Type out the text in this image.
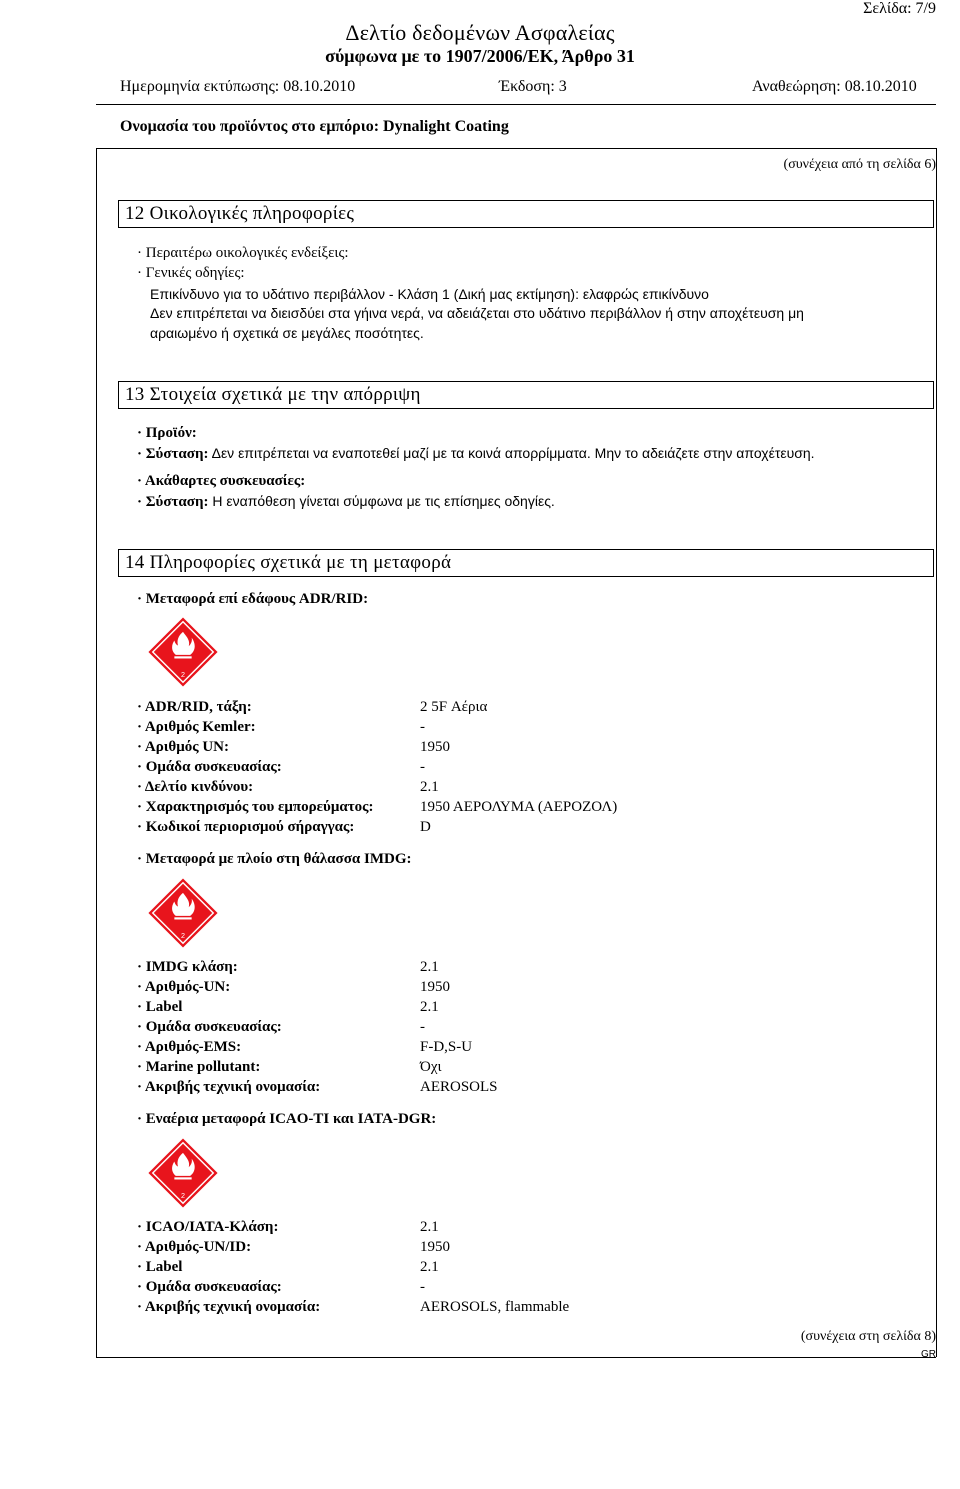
Σελίδα: 7/9
Δελτίο δεδομένων Ασφαλείας
σύμφωνα με το 1907/2006/ΕΚ, Άρθρο 31
Ημερομηνία εκτύπωσης: 08.10.2010	Έκδοση: 3	Αναθεώρηση: 08.10.2010
Ονομασία του προϊόντος στο εμπόριο: Dynalight Coating
(συνέχεια από τη σελίδα 6)
12 Οικολογικές πληροφορίες
· Περαιτέρω οικολογικές ενδείξεις:
· Γενικές οδηγίες:
Επικίνδυνο για το υδάτινο περιβάλλον - Κλάση 1 (Δική μας εκτίμηση): ελαφρώς επικίνδυνο
Δεν επιτρέπεται να διεισδύει στα γήινα νερά, να αδειάζεται στο υδάτινο περιβάλλον ή στην αποχέτευση μη
αραιωμένο ή σχετικά σε μεγάλες ποσότητες.
13 Στοιχεία σχετικά με την απόρριψη
· Προϊόν:
· Σύσταση: Δεν επιτρέπεται να εναποτεθεί μαζί με τα κοινά απορρίμματα. Μην το αδειάζετε στην αποχέτευση.
· Ακάθαρτες συσκευασίες:
· Σύσταση: Η εναπόθεση γίνεται σύμφωνα με τις επίσημες οδηγίες.
14 Πληροφορίες σχετικά με τη μεταφορά
· Μεταφορά επί εδάφους ADR/RID:
2
· ADR/RID, τάξη:	2 5F Αέρια
· Αριθμός Kemler:	-
· Αριθμός UN:	1950
· Ομάδα συσκευασίας:	-
· Δελτίο κινδύνου:	2.1
· Χαρακτηρισμός του εμπορεύματος:	1950 ΑΕΡΟΛΥΜΑ (ΑΕΡΟΖΟΛ)
· Κωδικοί περιορισμού σήραγγας:	D
· Μεταφορά με πλοίο στη θάλασσα IMDG:
2
· IMDG κλάση:	2.1
· Αριθμός-UN:	1950
· Label	2.1
· Ομάδα συσκευασίας:	-
· Αριθμός-EMS:	F-D,S-U
· Marine pollutant:	Όχι
· Ακριβής τεχνική ονομασία:	AEROSOLS
· Εναέρια μεταφορά ICAO-TI και IATA-DGR:
2
· ICAO/IATA-Κλάση:	2.1
· Αριθμός-UN/ID:	1950
· Label	2.1
· Ομάδα συσκευασίας:	-
· Ακριβής τεχνική ονομασία:	AEROSOLS, flammable
(συνέχεια στη σελίδα 8)
GR
